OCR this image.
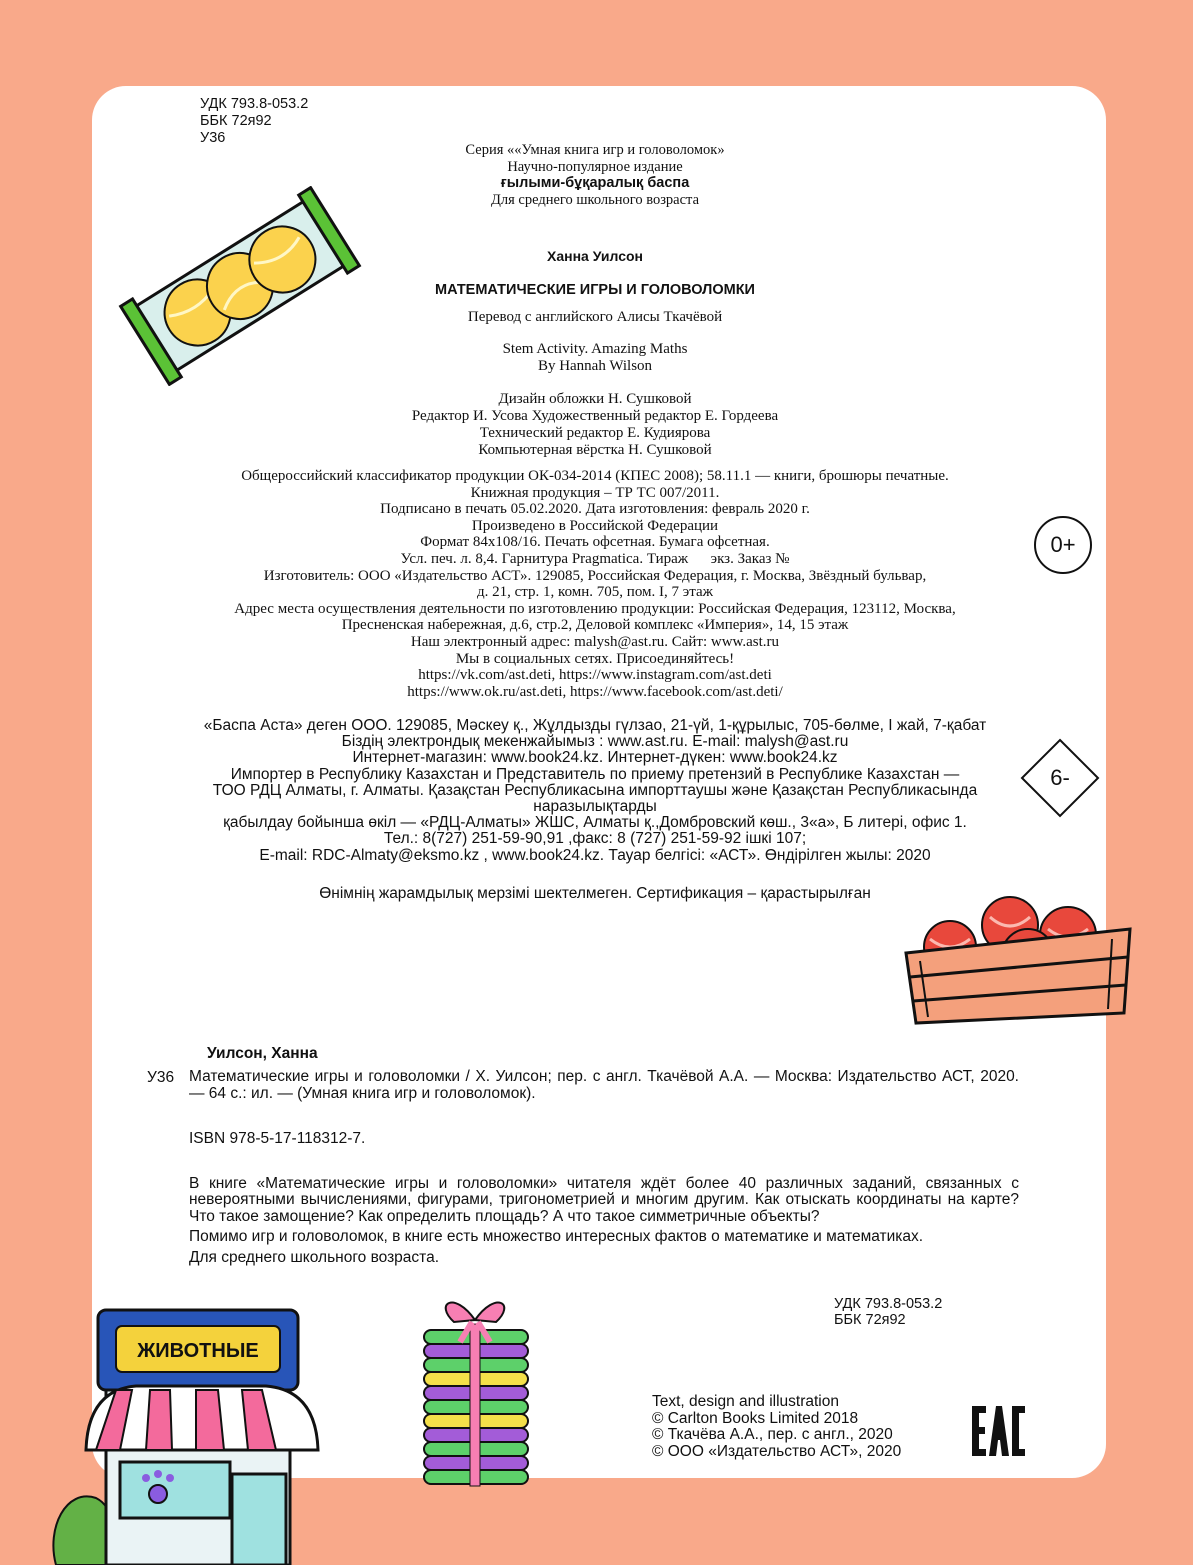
УДК 793.8-053.2
ББК 72я92
У36
Серия ««Умная книга игр и головоломок»
Научно-популярное издание
ғылыми-бұқаралық баспа
Для среднего школьного возраста
Ханна Уилсон
МАТЕМАТИЧЕСКИЕ ИГРЫ И ГОЛОВОЛОМКИ
Перевод с английского Алисы Ткачёвой
Stem Activity. Amazing Maths
By Hannah Wilson
Дизайн обложки Н. Сушковой
Редактор И. Усова Художественный редактор Е. Гордеева
Технический редактор Е. Кудиярова
Компьютерная вёрстка Н. Сушковой
Общероссийский классификатор продукции ОК-034-2014 (КПЕС 2008); 58.11.1 — книги, брошюры печатные.
Книжная продукция – ТР ТС 007/2011.
Подписано в печать 05.02.2020. Дата изготовления: февраль 2020 г.
Произведено в Российской Федерации
Формат 84x108/16. Печать офсетная. Бумага офсетная.
Усл. печ. л. 8,4. Гарнитура Pragmatica. Тираж      экз. Заказ №
Изготовитель: ООО «Издательство АСТ». 129085, Российская Федерация, г. Москва, Звёздный бульвар,
д. 21, стр. 1, комн. 705, пом. I, 7 этаж
Адрес места осуществления деятельности по изготовлению продукции: Российская Федерация, 123112, Москва,
Пресненская набережная, д.6, стр.2, Деловой комплекс «Империя», 14, 15 этаж
Наш электронный адрес: malysh@ast.ru. Сайт: www.ast.ru
Мы в социальных сетях. Присоединяйтесь!
https://vk.com/ast.deti, https://www.instagram.com/ast.deti
https://www.ok.ru/ast.deti, https://www.facebook.com/ast.deti/
«Баспа Аста» деген ООО. 129085, Мәскеу қ., Жұлдызды гүлзао, 21-үй, 1-құрылыс, 705-бөлме, I жай, 7-қабат
Біздің электрондық мекенжайымыз : www.ast.ru. E-mail: malysh@ast.ru
Интернет-магазин: www.book24.kz. Интернет-дүкен: www.book24.kz
Импортер в Республику Казахстан и Представитель по приему претензий в Республике Казахстан —
ТОО РДЦ Алматы, г. Алматы. Қазақстан Республикасына импорттаушы және Қазақстан Республикасында
наразылықтарды
қабылдау бойынша өкіл — «РДЦ-Алматы» ЖШС, Алматы қ.,Домбровский көш., 3«а», Б литері, офис 1.
Тел.: 8(727) 251-59-90,91 ,факс: 8 (727) 251-59-92 ішкі 107;
E-mail: RDC-Almaty@eksmo.kz , www.book24.kz. Тауар белгісі: «АСТ». Өндірілген жылы: 2020
Өнімнің жарамдылық мерзімі шектелмеген. Сертификация – қарастырылған
0+
6-
Уилсон, Ханна
У36 Математические игры и головоломки / Х. Уилсон; пер. с англ. Ткачёвой А.А. — Москва: Издательство АСТ, 2020. — 64 с.: ил. — (Умная книга игр и головоломок).
ISBN 978-5-17-118312-7.

В книге «Математические игры и головоломки» читателя ждёт более 40 различных заданий, связанных с невероятными вычислениями, фигурами, тригонометрией и многим другим. Как отыскать координаты на карте? Что такое замощение? Как определить площадь? А что такое симметричные объекты?

Помимо игр и головоломок, в книге есть множество интересных фактов о математике и математиках.

Для среднего школьного возраста.

УДК 793.8-053.2
ББК 72я92
Text, design and illustration
© Carlton Books Limited 2018
© Ткачёва А.А., пер. с англ., 2020
© ООО «Издательство АСТ», 2020
ЖИВОТНЫЕ
